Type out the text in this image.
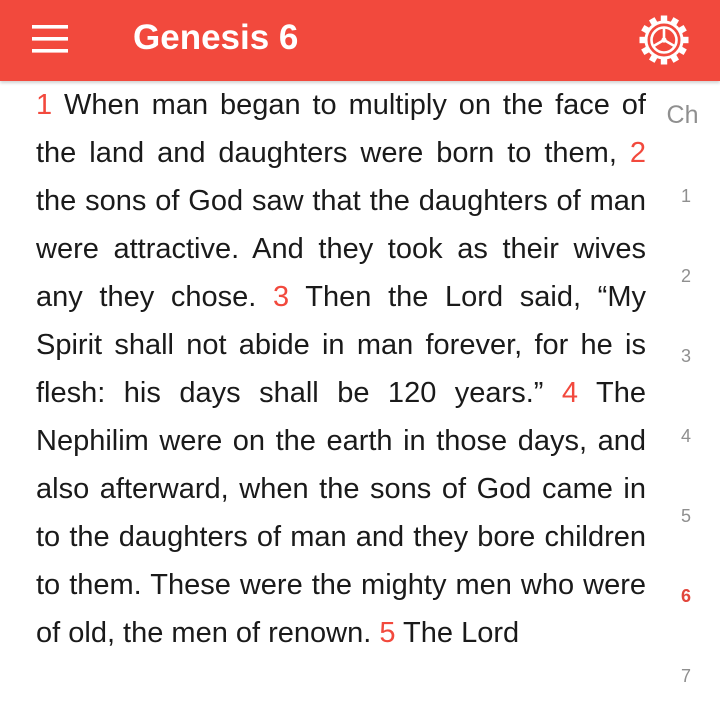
Genesis 6

1 When man began to multiply on the face of the land and daughters were born to them, 2 the sons of God saw that the daughters of man were attractive. And they took as their wives any they chose. 3 Then the Lord said, “My Spirit shall not abide in man forever, for he is flesh: his days shall be 120 years.” 4 The Nephilim were on the earth in those days, and also afterward, when the sons of God came in to the daughters of man and they bore children to them. These were the mighty men who were of old, the men of renown. 5 The Lord

Ch
1
2
3
4
5
6
7
